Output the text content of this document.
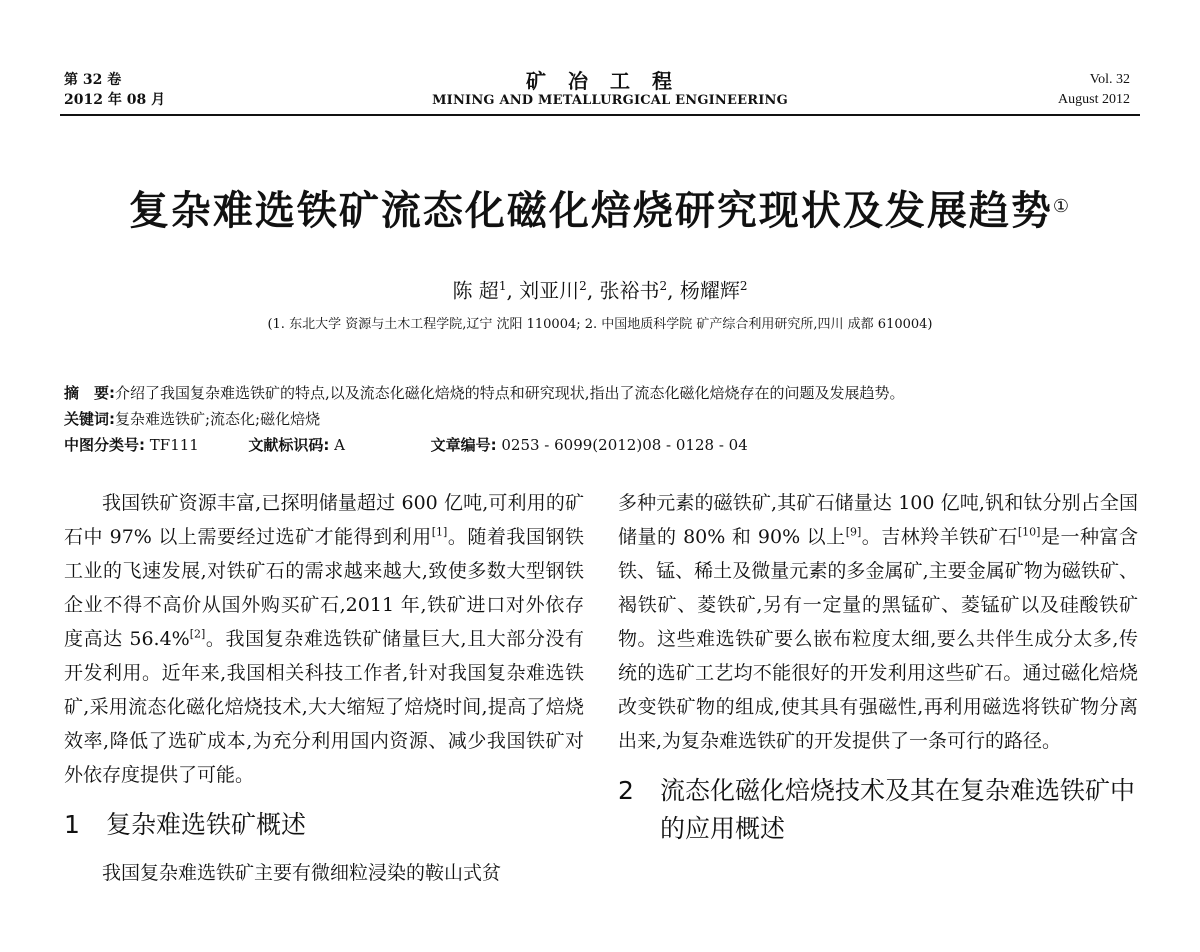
第 32 卷
2012 年 08 月
矿冶工程
MINING AND METALLURGICAL ENGINEERING
Vol. 32
August 2012
复杂难选铁矿流态化磁化焙烧研究现状及发展趋势①
陈 超$^1$, 刘亚川$^2$, 张裕书$^2$, 杨耀辉$^2$
(1. 东北大学 资源与土木工程学院,辽宁 沈阳 110004; 2. 中国地质科学院 矿产综合利用研究所,四川 成都 610004)
摘　要:介绍了我国复杂难选铁矿的特点,以及流态化磁化焙烧的特点和研究现状,指出了流态化磁化焙烧存在的问题及发展趋势。
关键词:复杂难选铁矿;流态化;磁化焙烧
中图分类号: TF111	文献标识码: A	文章编号: 0253 - 6099(2012)08 - 0128 - 04

我国铁矿资源丰富,已探明储量超过 600 亿吨,可利用的矿石中 97% 以上需要经过选矿才能得到利用[1]。随着我国钢铁工业的飞速发展,对铁矿石的需求越来越大,致使多数大型钢铁企业不得不高价从国外购买矿石,2011 年,铁矿进口对外依存度高达 56.4%[2]。我国复杂难选铁矿储量巨大,且大部分没有开发利用。近年来,我国相关科技工作者,针对我国复杂难选铁矿,采用流态化磁化焙烧技术,大大缩短了焙烧时间,提高了焙烧效率,降低了选矿成本,为充分利用国内资源、减少我国铁矿对外依存度提供了可能。

1	复杂难选铁矿概述

我国复杂难选铁矿主要有微细粒浸染的鞍山式贫

多种元素的磁铁矿,其矿石储量达 100 亿吨,钒和钛分别占全国储量的 80% 和 90% 以上[9]。吉林羚羊铁矿石[10]是一种富含铁、锰、稀土及微量元素的多金属矿,主要金属矿物为磁铁矿、褐铁矿、菱铁矿,另有一定量的黑锰矿、菱锰矿以及硅酸铁矿物。这些难选铁矿要么嵌布粒度太细,要么共伴生成分太多,传统的选矿工艺均不能很好的开发利用这些矿石。通过磁化焙烧改变铁矿物的组成,使其具有强磁性,再利用磁选将铁矿物分离出来,为复杂难选铁矿的开发提供了一条可行的路径。

2	流态化磁化焙烧技术及其在复杂难选铁矿中的应用概述
